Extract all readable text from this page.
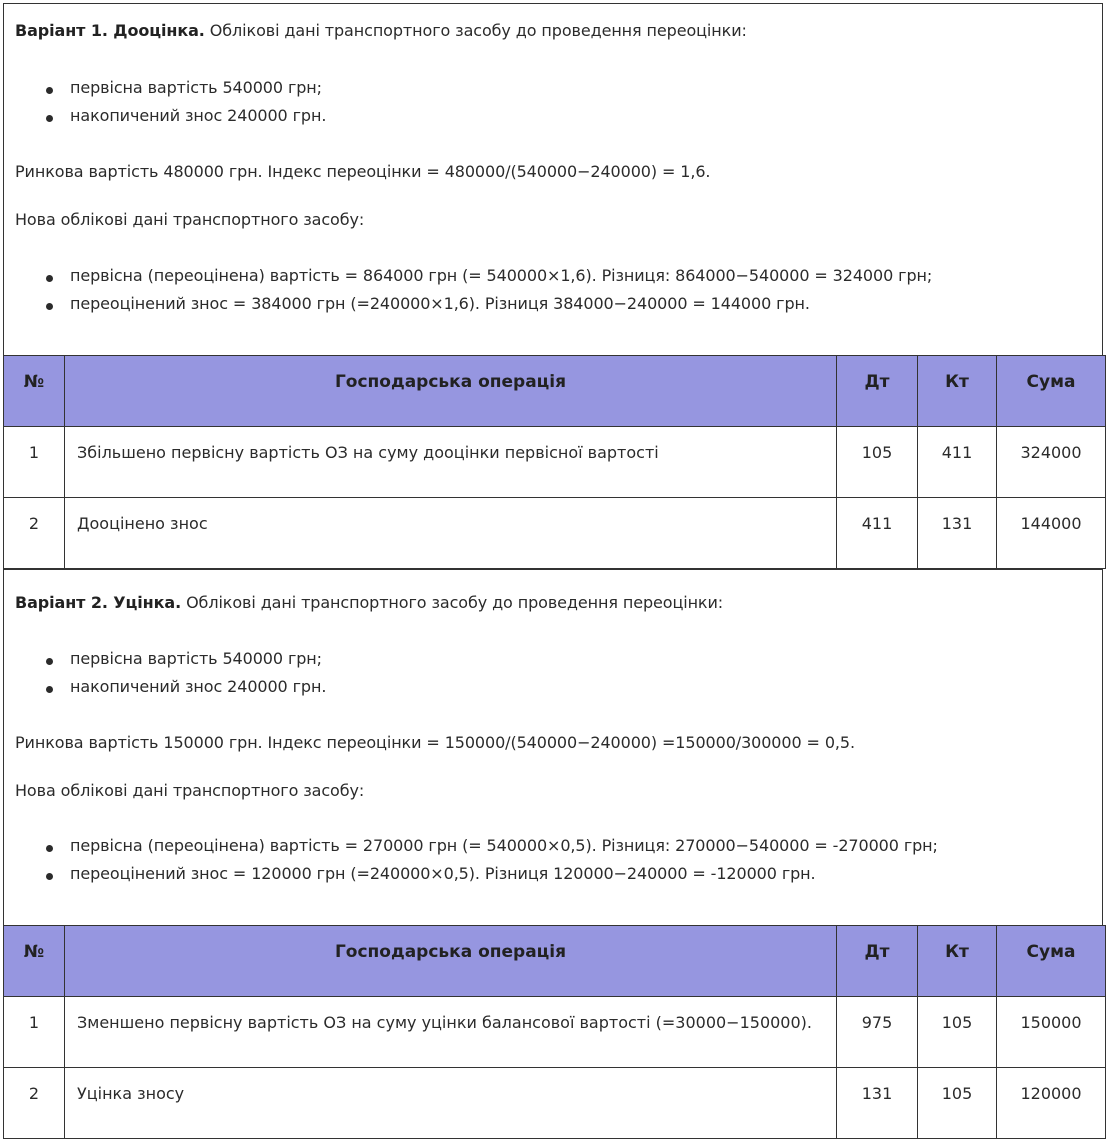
Варіант 1. Дооцінка. Облікові дані транспортного засобу до проведення переоцінки:
первісна вартість 540000 грн;
накопичений знос 240000 грн.
Ринкова вартість 480000 грн. Індекс переоцінки = 480000/(540000−240000) = 1,6.
Нова облікові дані транспортного засобу:
первісна (переоцінена) вартість = 864000 грн (= 540000×1,6). Різниця: 864000−540000 = 324000 грн;
переоцінений знос = 384000 грн (=240000×1,6). Різниця 384000−240000 = 144000 грн.
№	Господарська операція	Дт	Кт	Сума

1	Збільшено первісну вартість ОЗ на суму дооцінки первісної вартості	105	411	324000

2	Дооцінено знос	411	131	144000
Варіант 2. Уцінка. Облікові дані транспортного засобу до проведення переоцінки:
первісна вартість 540000 грн;
накопичений знос 240000 грн.
Ринкова вартість 150000 грн. Індекс переоцінки = 150000/(540000−240000) =150000/300000 = 0,5.
Нова облікові дані транспортного засобу:
первісна (переоцінена) вартість = 270000 грн (= 540000×0,5). Різниця: 270000−540000 = -270000 грн;
переоцінений знос = 120000 грн (=240000×0,5). Різниця 120000−240000 = -120000 грн.
№	Господарська операція	Дт	Кт	Сума

1	Зменшено первісну вартість ОЗ на суму уцінки балансової вартості (=30000−150000).	975	105	150000

2	Уцінка зносу	131	105	120000
